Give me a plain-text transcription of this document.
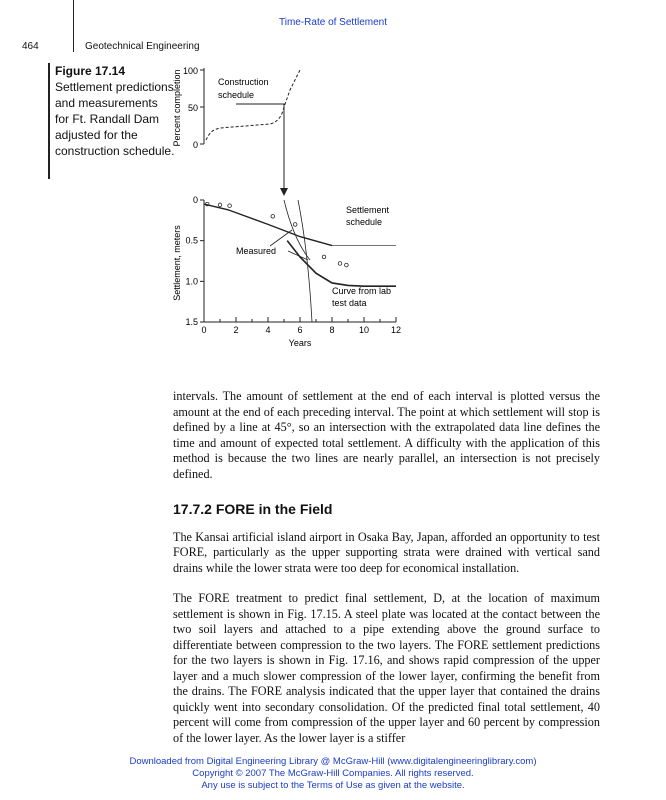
Time-Rate of Settlement
464	Geotechnical Engineering
Figure 17.14
Settlement predictions and measurements for Ft. Randall Dam adjusted for the construction schedule.
100
50
0
Percent completion	Construction
schedule
Settlement, meters
Years
0
0.5
1.0
1.5
0	2	4	6	8	10 12
Settlement
schedule
Measured
Curve from lab
test data

intervals. The amount of settlement at the end of each interval is plotted versus the amount at the end of each preceding interval. The point at which settlement will stop is defined by a line at 45°, so an intersection with the extrapolated data line defines the time and amount of expected total settlement. A difficulty with the application of this method is because the two lines are nearly parallel, an intersection is not precisely defined.

17.7.2 FORE in the Field

The Kansai artificial island airport in Osaka Bay, Japan, afforded an opportunity to test FORE, particularly as the upper supporting strata were drained with vertical sand drains while the lower strata were too deep for economical installation.

The FORE treatment to predict final settlement, D, at the location of maximum settlement is shown in Fig. 17.15. A steel plate was located at the contact between the two soil layers and attached to a pipe extending above the ground surface to differentiate between compression to the two layers. The FORE settlement predictions for the two layers is shown in Fig. 17.16, and shows rapid compression of the upper layer and a much slower compression of the lower layer, confirming the benefit from the drains. The FORE analysis indicated that the upper layer that contained the drains quickly went into secondary consolidation. Of the predicted final total settlement, 40 percent will come from compression of the upper layer and 60 percent by compression of the lower layer. As the lower layer is a stiffer

Downloaded from Digital Engineering Library @ McGraw-Hill (www.digitalengineeringlibrary.com)
Copyright © 2007 The McGraw-Hill Companies. All rights reserved.
Any use is subject to the Terms of Use as given at the website.
